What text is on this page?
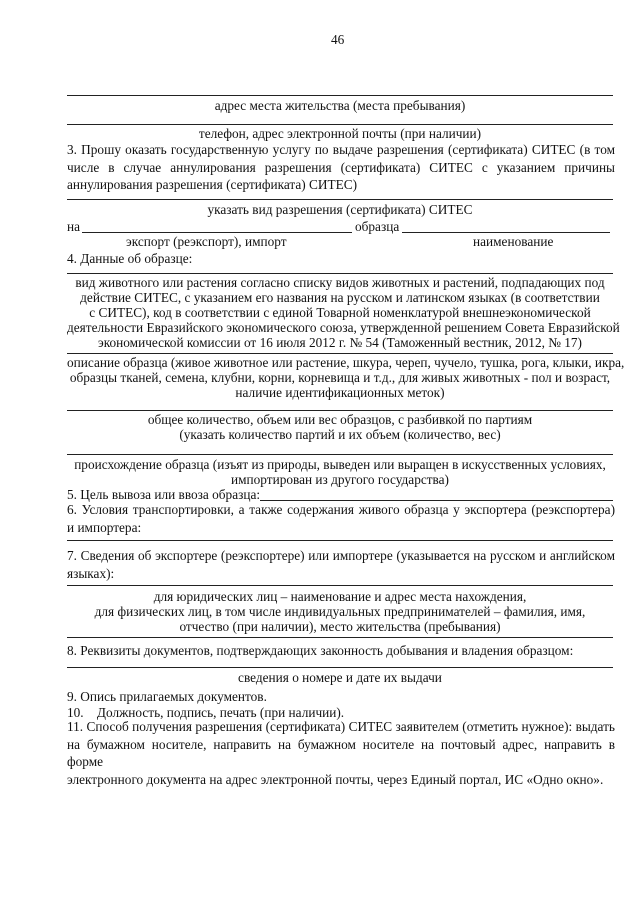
46
адрес места жительства (места пребывания)
телефон, адрес электронной почты (при наличии)
3. Прошу оказать государственную услугу по выдаче разрешения (сертификата) СИТЕС (в том
числе в случае аннулирования разрешения (сертификата) СИТЕС с указанием причины
аннулирования разрешения (сертификата) СИТЕС)
указать вид разрешения (сертификата) СИТЕС
на	образца
экспорт (реэкспорт), импорт	наименование
4. Данные об образце:
вид животного или растения согласно списку видов животных и растений, подпадающих под
действие СИТЕС, с указанием его названия на русском и латинском языках (в соответствии
с СИТЕС), код в соответствии с единой Товарной номенклатурой внешнеэкономической
деятельности Евразийского экономического союза, утвержденной решением Совета Евразийской
экономической комиссии от 16 июля 2012 г. № 54 (Таможенный вестник, 2012, № 17)
описание образца (живое животное или растение, шкура, череп, чучело, тушка, рога, клыки, икра,
образцы тканей, семена, клубни, корни, корневища и т.д., для живых животных - пол и возраст,
наличие идентификационных меток)
общее количество, объем или вес образцов, с разбивкой по партиям
(указать количество партий и их объем (количество, вес)
происхождение образца (изъят из природы, выведен или выращен в искусственных условиях,
импортирован из другого государства)
5. Цель вывоза или ввоза образца:
6. Условия транспортировки, а также содержания живого образца у экспортера (реэкспортера)
и импортера:
7. Сведения об экспортере (реэкспортере) или импортере (указывается на русском и английском
языках):
для юридических лиц – наименование и адрес места нахождения,
для физических лиц, в том числе индивидуальных предпринимателей – фамилия, имя,
отчество (при наличии), место жительства (пребывания)
8. Реквизиты документов, подтверждающих законность добывания и владения образцом:
сведения о номере и дате их выдачи
9. Опись прилагаемых документов.
10.    Должность, подпись, печать (при наличии).
11. Способ получения разрешения (сертификата) СИТЕС заявителем (отметить нужное): выдать
на бумажном носителе, направить на бумажном носителе на почтовый адрес, направить в форме
электронного документа на адрес электронной почты, через Единый портал, ИС «Одно окно».
